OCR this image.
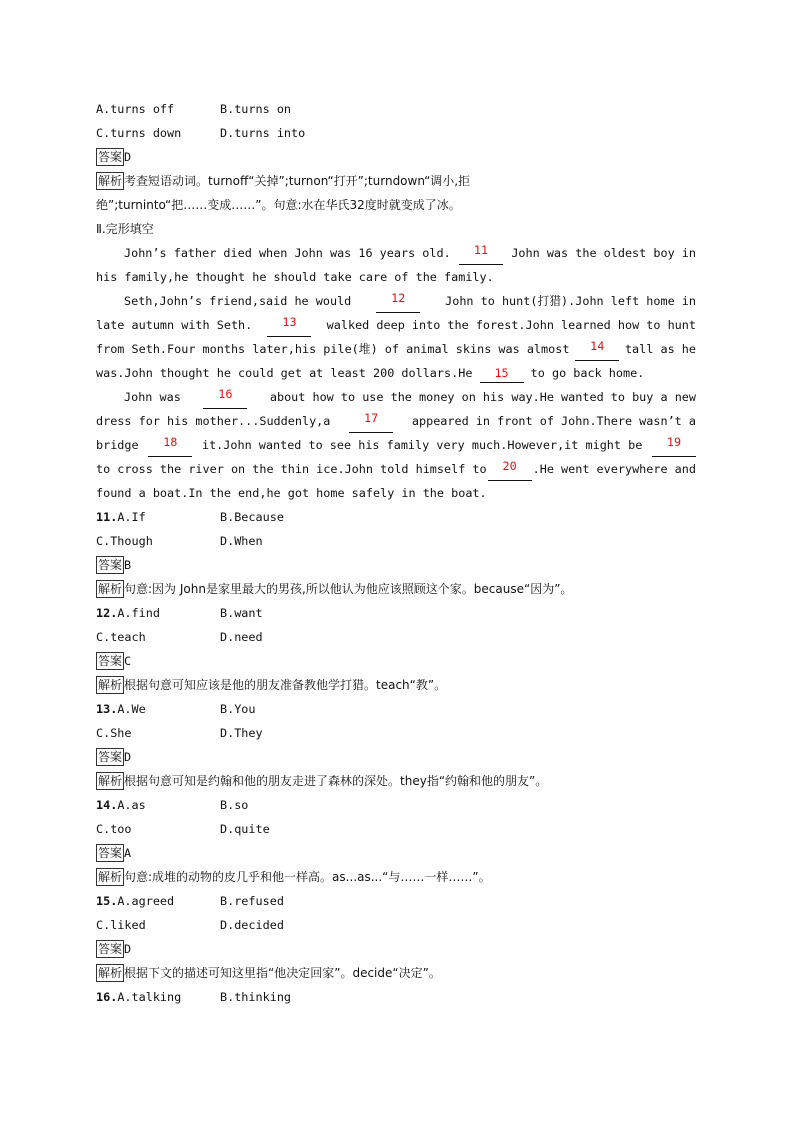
A.turns off	B.turns on
C.turns down	D.turns into
答案 D
解析 考查短语动词。turnoff“关掉”;turnon“打开”;turndown“调小,拒
绝”;turninto“把……变成……”。句意:水在华氏32度时就变成了冰。
Ⅱ.完形填空
John’s father died when John was 16 years old.	11	John was the oldest boy in
his family,he thought he should take care of the family.
Seth,John’s friend,said he would	12	John to hunt(打猎).John left home in
late autumn with Seth.	13	walked deep into the forest.John learned how to hunt
from Seth.Four months later,his pile(堆) of animal skins was almost	14	tall as he
was.John thought he could get at least 200 dollars.He 15 to go back home.
John was	16	about how to use the money on his way.He wanted to buy a new
dress for his mother...Suddenly,a	17	appeared in front of John.There wasn’t a
bridge	18	it.John wanted to see his family very much.However,it might be	19
to cross the river on the thin ice.John told himself to	20	.He went everywhere and
found a boat.In the end,he got home safely in the boat.
11.A.If	B.Because
C.Though	D.When
答案 B
解析 句意:因为 John是家里最大的男孩,所以他认为他应该照顾这个家。because“因为”。
12.A.find	B.want
C.teach	D.need
答案 C
解析 根据句意可知应该是他的朋友准备教他学打猎。teach“教”。
13.A.We	B.You
C.She	D.They
答案 D
解析 根据句意可知是约翰和他的朋友走进了森林的深处。they指“约翰和他的朋友”。
14.A.as	B.so
C.too	D.quite
答案 A
解析 句意:成堆的动物的皮几乎和他一样高。as...as...“与……一样……”。
15.A.agreed	B.refused
C.liked	D.decided
答案 D
解析 根据下文的描述可知这里指“他决定回家”。decide“决定”。
16.A.talking	B.thinking
